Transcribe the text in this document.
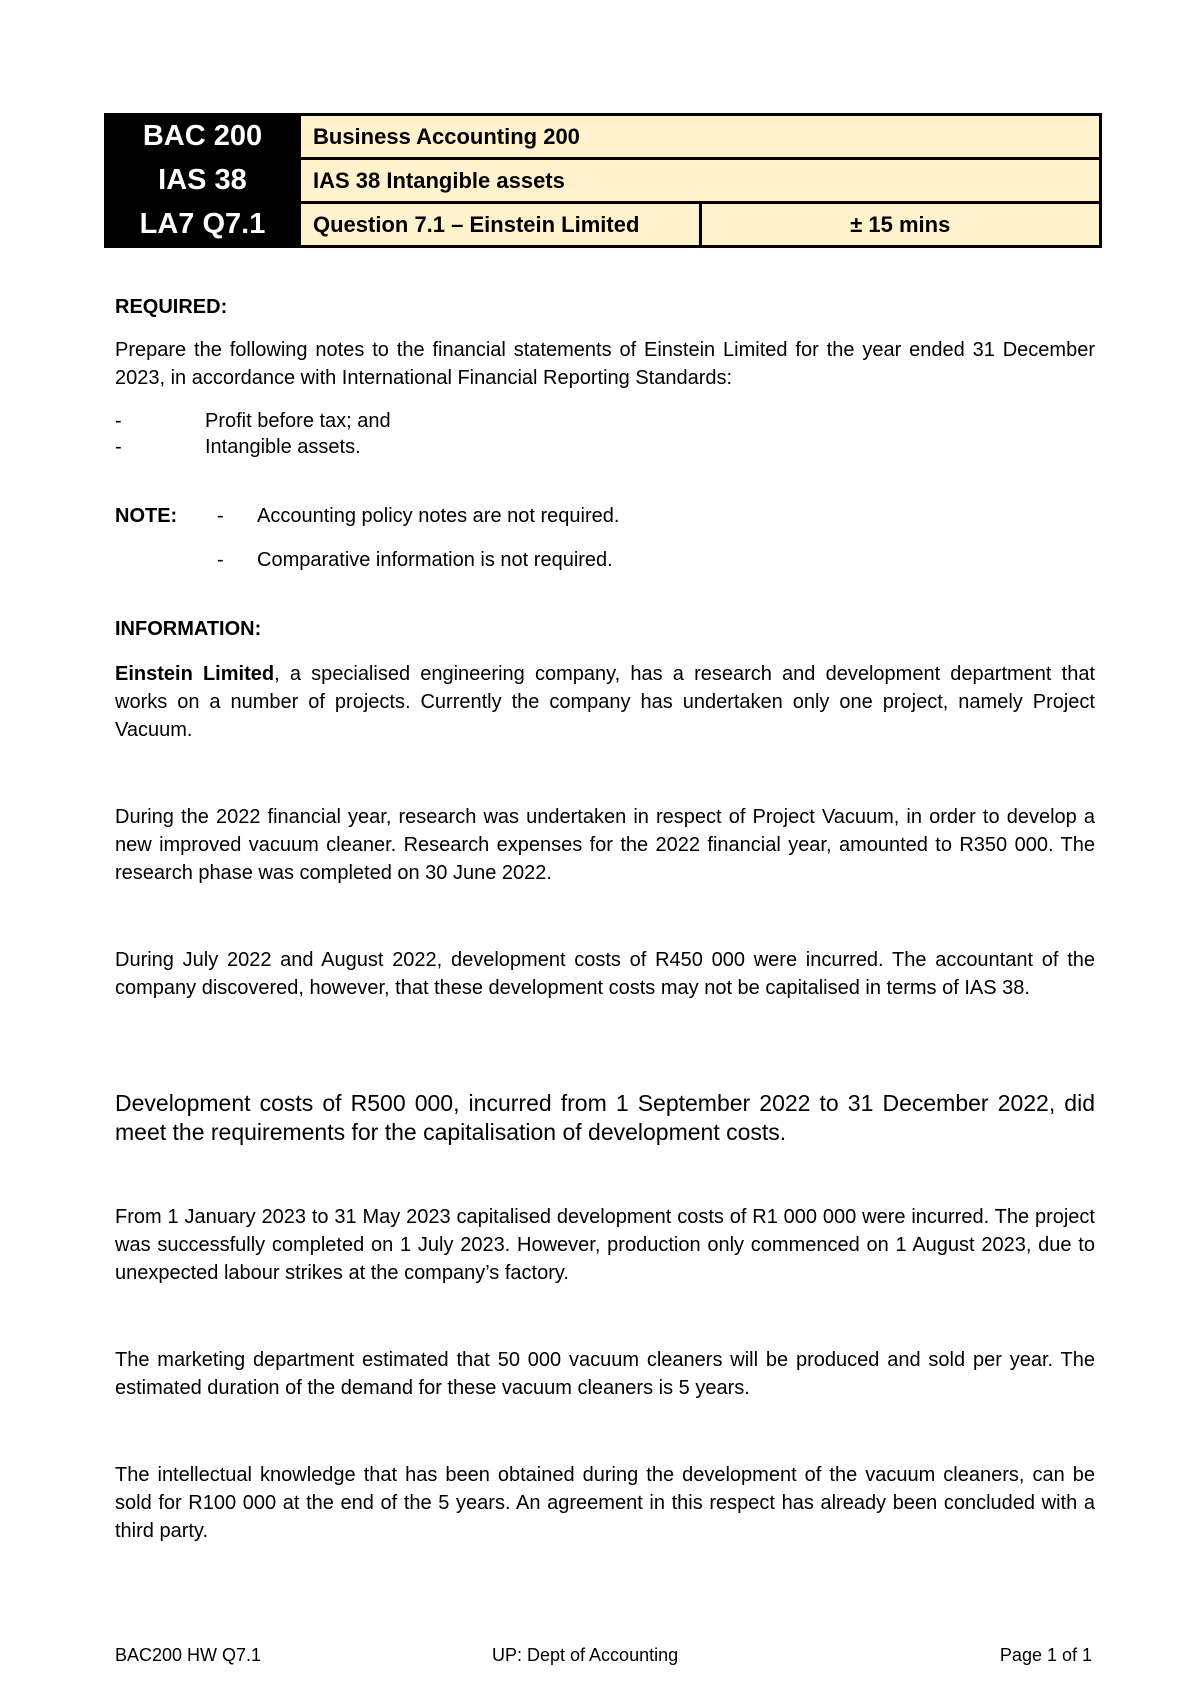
BAC 200	Business Accounting 200	
IAS 38	IAS 38 Intangible assets	
LA7 Q7.1	Question 7.1 – Einstein Limited	± 15 mins
REQUIRED:
Prepare the following notes to the financial statements of Einstein Limited for the year ended 31 December 2023, in accordance with International Financial Reporting Standards:
-	Profit before tax; and
-	Intangible assets.
NOTE: - Accounting policy notes are not required.
- Comparative information is not required.
INFORMATION:
Einstein Limited, a specialised engineering company, has a research and development department that works on a number of projects. Currently the company has undertaken only one project, namely Project Vacuum.
During the 2022 financial year, research was undertaken in respect of Project Vacuum, in order to develop a new improved vacuum cleaner. Research expenses for the 2022 financial year, amounted to R350 000. The research phase was completed on 30 June 2022.
During July 2022 and August 2022, development costs of R450 000 were incurred. The accountant of the company discovered, however, that these development costs may not be capitalised in terms of IAS 38.
Development costs of R500 000, incurred from 1 September 2022 to 31 December 2022, did meet the requirements for the capitalisation of development costs.
From 1 January 2023 to 31 May 2023 capitalised development costs of R1 000 000 were incurred. The project was successfully completed on 1 July 2023. However, production only commenced on 1 August 2023, due to unexpected labour strikes at the company’s factory.
The marketing department estimated that 50 000 vacuum cleaners will be produced and sold per year. The estimated duration of the demand for these vacuum cleaners is 5 years.
The intellectual knowledge that has been obtained during the development of the vacuum cleaners, can be sold for R100 000 at the end of the 5 years. An agreement in this respect has already been concluded with a third party.
BAC200 HW Q7.1	UP: Dept of Accounting	Page 1 of 1
